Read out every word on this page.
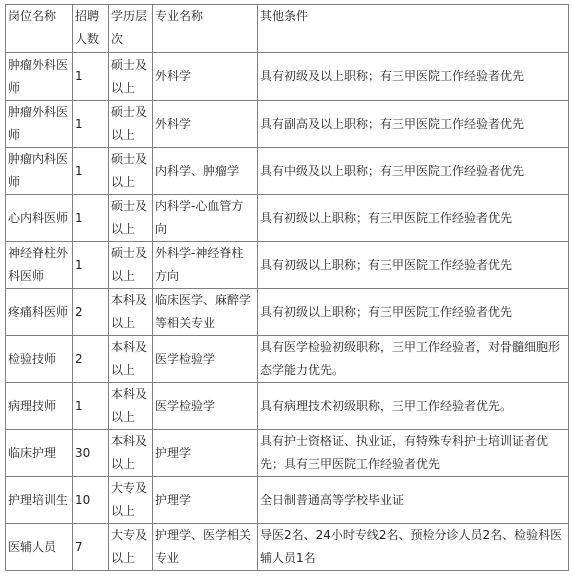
岗位名称	招聘人数	学历层次	专业名称	其他条件
肿瘤外科医师	1	硕士及以上	外科学	具有初级及以上职称；有三甲医院工作经验者优先
肿瘤外科医师	1	硕士及以上	外科学	具有副高及以上职称；有三甲医院工作经验者优先
肿瘤内科医师	1	硕士及以上	内科学、肿瘤学	具有中级及以上职称；有三甲医院工作经验者优先
心内科医师	1	硕士及以上	内科学-心血管方向	具有初级以上职称；有三甲医院工作经验者优先
神经脊柱外科医师	1	硕士及以上	外科学-神经脊柱方向	具有初级以上职称；有三甲医院工作经验者优先
疼痛科医师	2	本科及以上	临床医学、麻醉学等相关专业	具有初级以上职称；有三甲医院工作经验者优先
检验技师	2	本科及以上	医学检验学	具有医学检验初级职称，三甲工作经验者，对骨髓细胞形态学能力优先。
病理技师	1	本科及以上	医学检验学	具有病理技术初级职称，三甲工作经验者优先。
临床护理	30	本科及以上	护理学	具有护士资格证、执业证，有特殊专科护士培训证者优先；具有三甲医院工作经验者优先
护理培训生	10	大专及以上	护理学	全日制普通高等学校毕业证
医辅人员	7	大专及以上	护理学、医学相关专业	导医2名、24小时专线2名、预检分诊人员2名、检验科医辅人员1名
